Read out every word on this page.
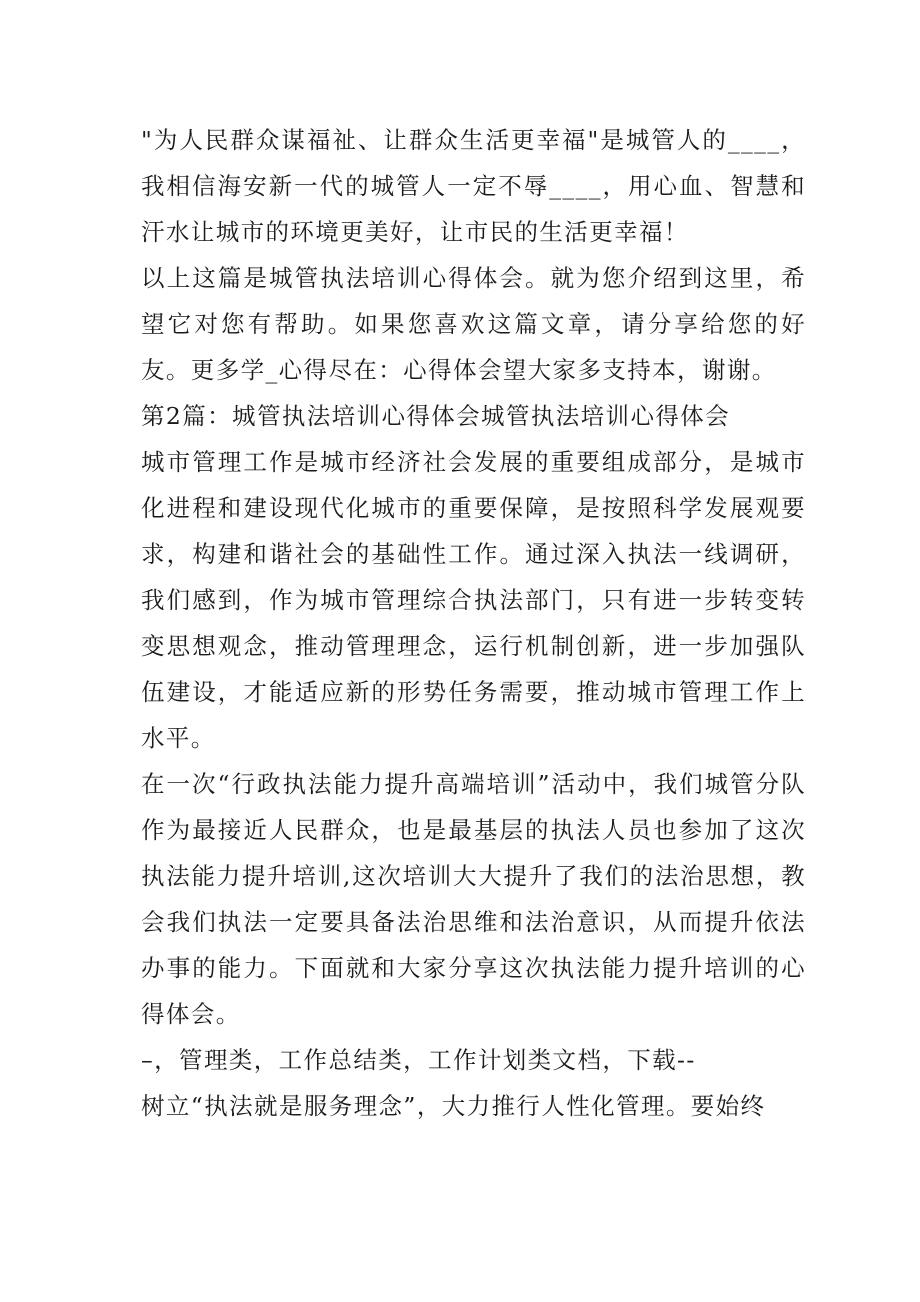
"为人民群众谋福祉、让群众生活更幸福"是城管人的____，我相信海安新一代的城管人一定不辱____，用心血、智慧和汗水让城市的环境更美好，让市民的生活更幸福！

以上这篇是城管执法培训心得体会。就为您介绍到这里，希望它对您有帮助。如果您喜欢这篇文章，请分享给您的好友。更多学_心得尽在：心得体会望大家多支持本，谢谢。

第2篇：城管执法培训心得体会城管执法培训心得体会

城市管理工作是城市经济社会发展的重要组成部分，是城市化进程和建设现代化城市的重要保障，是按照科学发展观要求，构建和谐社会的基础性工作。通过深入执法一线调研，我们感到，作为城市管理综合执法部门，只有进一步转变转变思想观念，推动管理理念，运行机制创新，进一步加强队伍建设，才能适应新的形势任务需要，推动城市管理工作上水平。

在一次“行政执法能力提升高端培训”活动中，我们城管分队作为最接近人民群众，也是最基层的执法人员也参加了这次执法能力提升培训,这次培训大大提升了我们的法治思想，教会我们执法一定要具备法治思维和法治意识，从而提升依法办事的能力。下面就和大家分享这次执法能力提升培训的心得体会。

–，管理类，工作总结类，工作计划类文档，下载--

树立“执法就是服务理念”，大力推行人性化管理。要始终
